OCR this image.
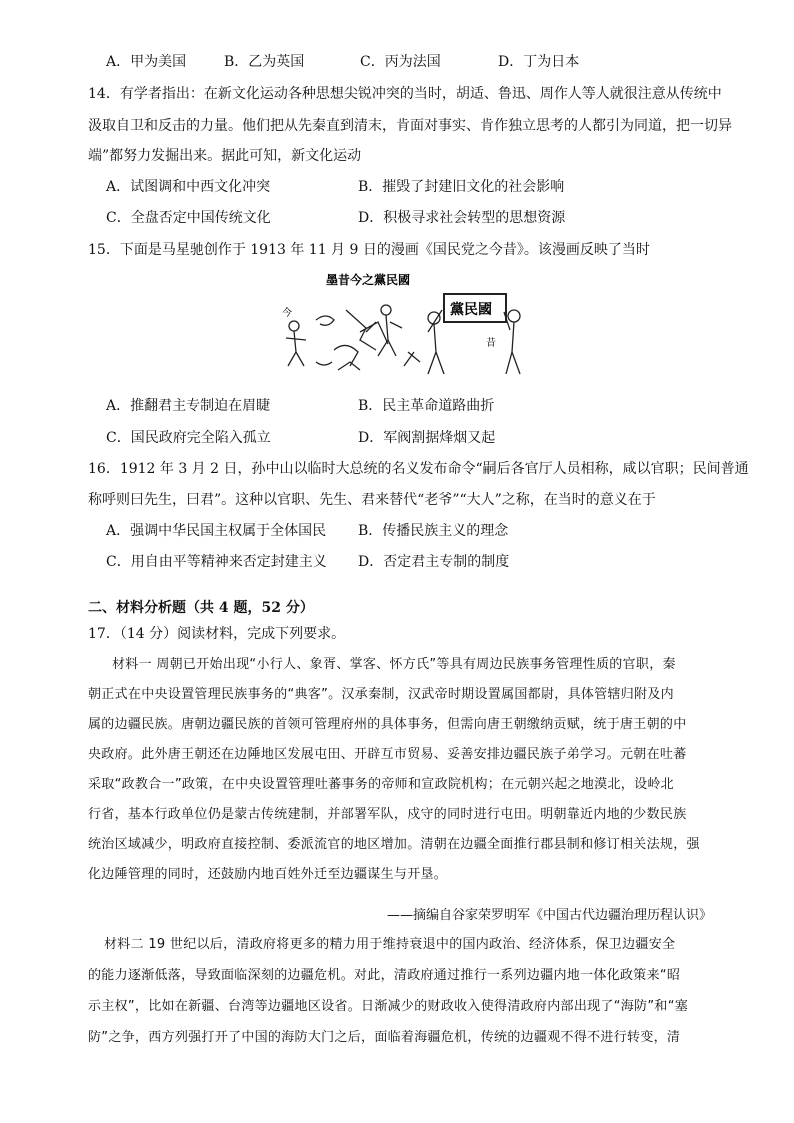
A．甲为美国	B．乙为英国	C．丙为法国	D．丁为日本
14．有学者指出：在新文化运动各种思想尖锐冲突的当时，胡适、鲁迅、周作人等人就很注意从传统中
汲取自卫和反击的力量。他们把从先秦直到清末，肯面对事实、肯作独立思考的人都引为同道，把一切异
端”都努力发掘出来。据此可知，新文化运动
A．试图调和中西文化冲突	B．摧毁了封建旧文化的社会影响
C．全盘否定中国传统文化	D．积极寻求社会转型的思想资源
15．下面是马星驰创作于 1913 年 11 月 9 日的漫画《国民党之今昔》。该漫画反映了当时
墨昔今之黨民國
今	黨民國
昔
A．推翻君主专制迫在眉睫	B．民主革命道路曲折
C．国民政府完全陷入孤立	D．军阀割据烽烟又起
16．1912 年 3 月 2 日，孙中山以临时大总统的名义发布命令“嗣后各官厅人员相称，咸以官职；民间普通
称呼则曰先生，曰君”。这种以官职、先生、君来替代“老爷”“大人”之称，在当时的意义在于
A．强调中华民国主权属于全体国民 B．传播民族主义的理念
C．用自由平等精神来否定封建主义 D．否定君主专制的制度
二、材料分析题（共 4 题，52 分）
17．（14 分）阅读材料，完成下列要求。
材料一 周朝已开始出现“小行人、象胥、掌客、怀方氏”等具有周边民族事务管理性质的官职，秦
朝正式在中央设置管理民族事务的“典客”。汉承秦制，汉武帝时期设置属国都尉，具体管辖归附及内
属的边疆民族。唐朝边疆民族的首领可管理府州的具体事务，但需向唐王朝缴纳贡赋，统于唐王朝的中
央政府。此外唐王朝还在边陲地区发展屯田、开辟互市贸易、妥善安排边疆民族子弟学习。元朝在吐蕃
采取“政教合一”政策，在中央设置管理吐蕃事务的帝师和宣政院机构；在元朝兴起之地漠北，设岭北
行省，基本行政单位仍是蒙古传统建制，并部署军队，戍守的同时进行屯田。明朝靠近内地的少数民族
统治区域减少，明政府直接控制、委派流官的地区增加。清朝在边疆全面推行郡县制和修订相关法规，强
化边陲管理的同时，还鼓励内地百姓外迁至边疆谋生与开垦。
——摘编自谷家荣罗明军《中国古代边疆治理历程认识》
材料二 19 世纪以后，清政府将更多的精力用于维持衰退中的国内政治、经济体系，保卫边疆安全
的能力逐渐低落，导致面临深刻的边疆危机。对此，清政府通过推行一系列边疆内地一体化政策来“昭
示主权”，比如在新疆、台湾等边疆地区设省。日渐减少的财政收入使得清政府内部出现了“海防”和“塞
防”之争，西方列强打开了中国的海防大门之后，面临着海疆危机，传统的边疆观不得不进行转变，清
